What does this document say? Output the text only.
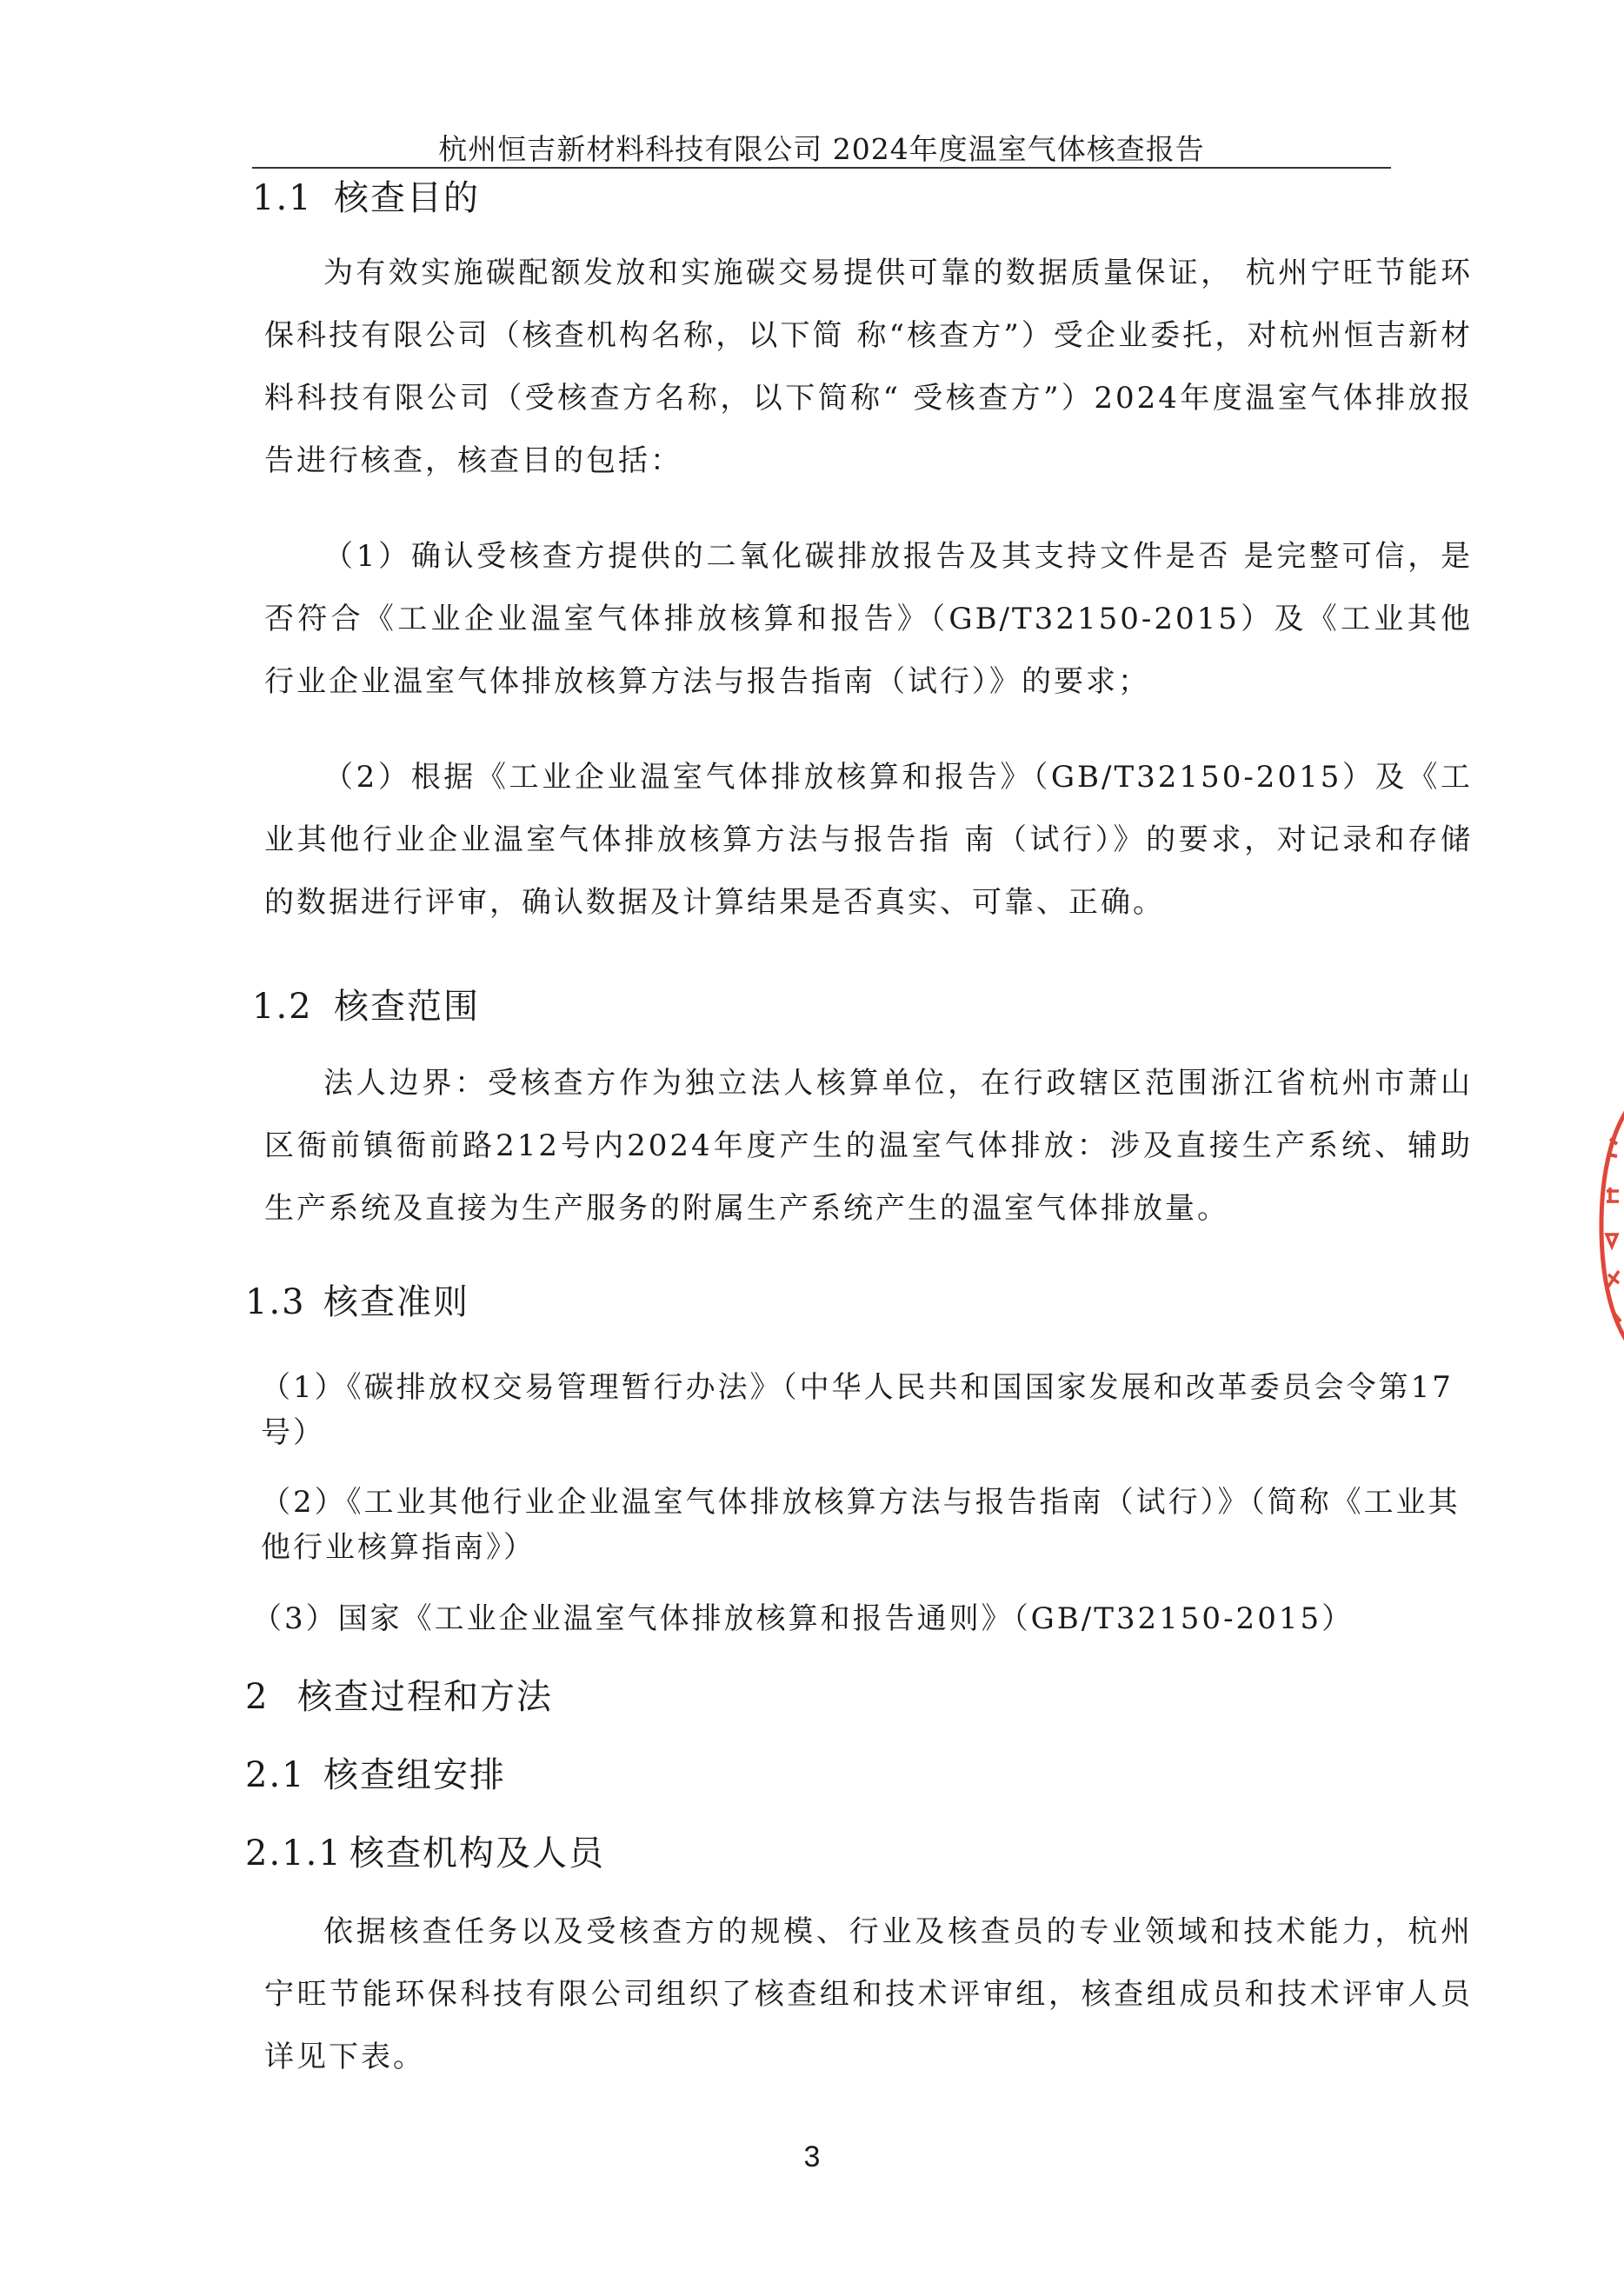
杭州恒吉新材料科技有限公司 2024年度温室气体核查报告
1.1 核查目的

为有效实施碳配额发放和实施碳交易提供可靠的数据质量保证， 杭州宁旺节能环保科技有限公司（核查机构名称，以下简 称“核查方”）受企业委托，对杭州恒吉新材料科技有限公司（受核查方名称，以下简称“ 受核查方”）2024年度温室气体排放报告进行核查，核查目的包括：

（1）确认受核查方提供的二氧化碳排放报告及其支持文件是否 是完整可信，是否符合《工业企业温室气体排放核算和报告》（GB/T32150-2015）及《工业其他行业企业温室气体排放核算方法与报告指南（试行）》的要求；

（2）根据《工业企业温室气体排放核算和报告》（GB/T32150-2015）及《工业其他行业企业温室气体排放核算方法与报告指 南（试行）》的要求，对记录和存储的数据进行评审，确认数据及计算结果是否真实、可靠、正确。

1.2 核查范围

法人边界：受核查方作为独立法人核算单位，在行政辖区范围浙江省杭州市萧山区衙前镇衙前路212号内2024年度产生的温室气体排放：涉及直接生产系统、辅助生产系统及直接为生产服务的附属生产系统产生的温室气体排放量。

1.3 核查准则

（1）《碳排放权交易管理暂行办法》（中华人民共和国国家发展和改革委员会令第17号）

（2）《工业其他行业企业温室气体排放核算方法与报告指南（试行）》（简称《工业其他行业核算指南》）

（3）国家《工业企业温室气体排放核算和报告通则》（GB/T32150-2015）

2 核查过程和方法
2.1 核查组安排
2.1.1 核查机构及人员

依据核查任务以及受核查方的规模、行业及核查员的专业领域和技术能力，杭州宁旺节能环保科技有限公司组织了核查组和技术评审组，核查组成员和技术评审人员详见下表。

3
